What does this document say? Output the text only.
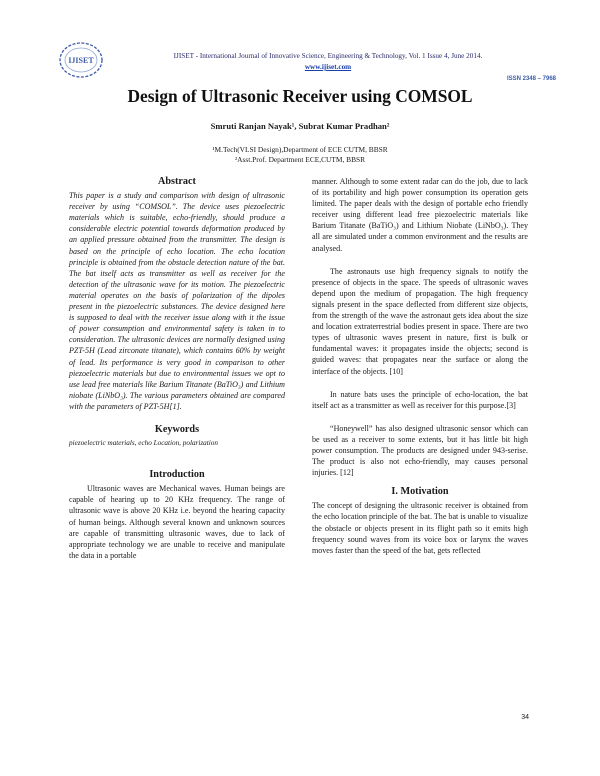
IJISET	IJISET - International Journal of Innovative Science, Engineering & Technology, Vol. 1 Issue 4, June 2014.
www.ijiset.com
ISSN 2348 – 7968
Design of Ultrasonic Receiver using COMSOL
Smruti Ranjan Nayak¹, Subrat Kumar Pradhan²
¹M.Tech(VLSI Design),Department of ECE CUTM, BBSR
²Asst.Prof. Department ECE,CUTM, BBSR
Abstract

This paper is a study and comparison with design of ultrasonic receiver by using “COMSOL”. The device uses piezoelectric materials which is suitable, echo-friendly, should produce a considerable electric potential towards deformation produced by an applied pressure obtained from the transmitter. The design is based on the principle of echo location. The echo location principle is obtained from the obstacle detection nature of the bat. The bat itself acts as transmitter as well as receiver for the detection of the ultrasonic wave for its motion. The piezoelectric material operates on the basis of polarization of the dipoles present in the piezoelectric substances. The device designed here is supposed to deal with the receiver issue along with it the issue of power consumption and environmental safety is taken in to consideration. The ultrasonic devices are normally designed using PZT-5H (Lead zirconate titanate), which contains 60% by weight of lead. Its performance is very good in comparison to other piezoelectric materials but due to environmental issues we opt to use lead free materials like Barium Titanate (BaTiO₃) and Lithium niobate (LiNbO₃). The various parameters obtained are compared with the parameters of PZT-5H[1].

Keywords

piezoelectric materials, echo Location, polarization

Introduction

Ultrasonic waves are Mechanical waves. Human beings are capable of hearing up to 20 KHz frequency. The range of ultrasonic wave is above 20 KHz i.e. beyond the hearing capacity of human beings. Although several known and unknown sources are capable of transmitting ultrasonic waves, due to lack of appropriate technology we are unable to receive and manipulate the data in a portable

manner. Although to some extent radar can do the job, due to lack of its portability and high power consumption its operation gets limited. The paper deals with the design of portable echo friendly receiver using different lead free piezoelectric materials like Barium Titanate (BaTiO₃) and Lithium Niobate (LiNbO₃). They all are simulated under a common environment and the results are analysed.

The astronauts use high frequency signals to notify the presence of objects in the space. The speeds of ultrasonic waves depend upon the medium of propagation. The high frequency signals present in the space deflected from different size objects, from the strength of the wave the astronaut gets idea about the size and location extraterrestrial bodies present in space. There are two types of ultrasonic waves present in nature, first is bulk or fundamental waves: it propagates inside the objects; second is guided waves: that propagates near the surface or along the interface of the objects. [10]

In nature bats uses the principle of echo-location, the bat itself act as a transmitter as well as receiver for this purpose.[3]

“Honeywell” has also designed ultrasonic sensor which can be used as a receiver to some extents, but it has little bit high power consumption. The products are designed under 943-serise. The product is also not echo-friendly, may causes personal injuries. [12]

I. Motivation

The concept of designing the ultrasonic receiver is obtained from the echo location principle of the bat. The bat is unable to visualize the obstacle or objects present in its flight path so it emits high frequency sound waves from its voice box or larynx the waves moves faster than the speed of the bat, gets reflected

34
